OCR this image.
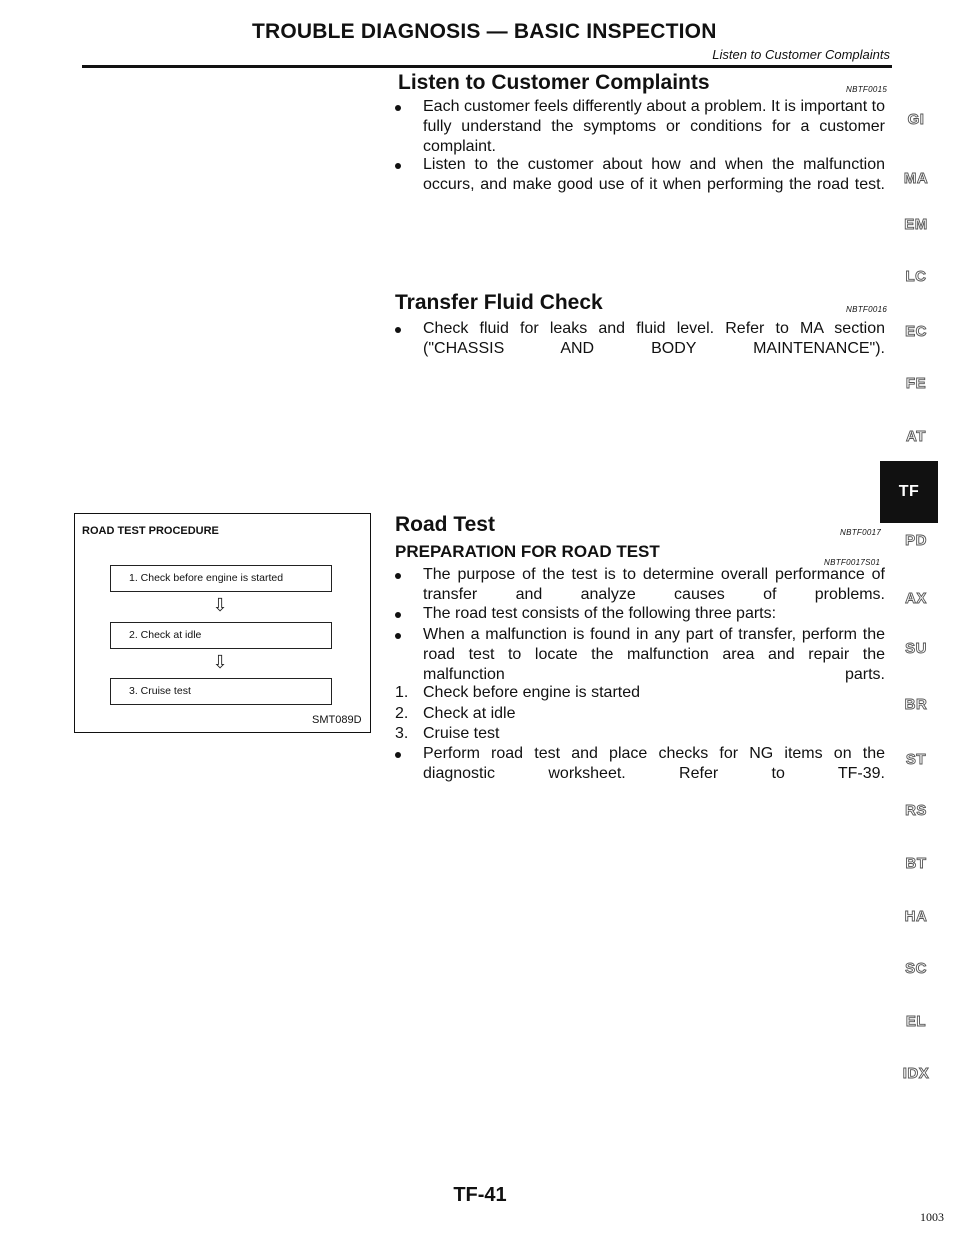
TROUBLE DIAGNOSIS — BASIC INSPECTION
Listen to Customer Complaints
Listen to Customer Complaints	NBTF0015
Each customer feels differently about a problem. It is important to fully understand the symptoms or conditions for a customer complaint.
Listen to the customer about how and when the malfunction occurs, and make good use of it when performing the road test.
Transfer Fluid Check	NBTF0016
Check fluid for leaks and fluid level. Refer to MA section ("CHASSIS AND BODY MAINTENANCE").
ROAD TEST PROCEDURE
1. Check before engine is started
⇩
2. Check at idle
⇩
3. Cruise test
SMT089D
Road Test	NBTF0017
PREPARATION FOR ROAD TEST
NBTF0017S01
The purpose of the test is to determine overall performance of transfer and analyze causes of problems.
The road test consists of the following three parts:
When a malfunction is found in any part of transfer, perform the road test to locate the malfunction area and repair the malfunction parts.
1. Check before engine is started
2. Check at idle
3. Cruise test
Perform road test and place checks for NG items on the diagnostic worksheet. Refer to TF-39.
GI
MA
EM
LC
EC
FE
AT
TF
PD
AX
SU
BR
ST
RS
BT
HA
SC
EL
IDX
TF-41
1003
